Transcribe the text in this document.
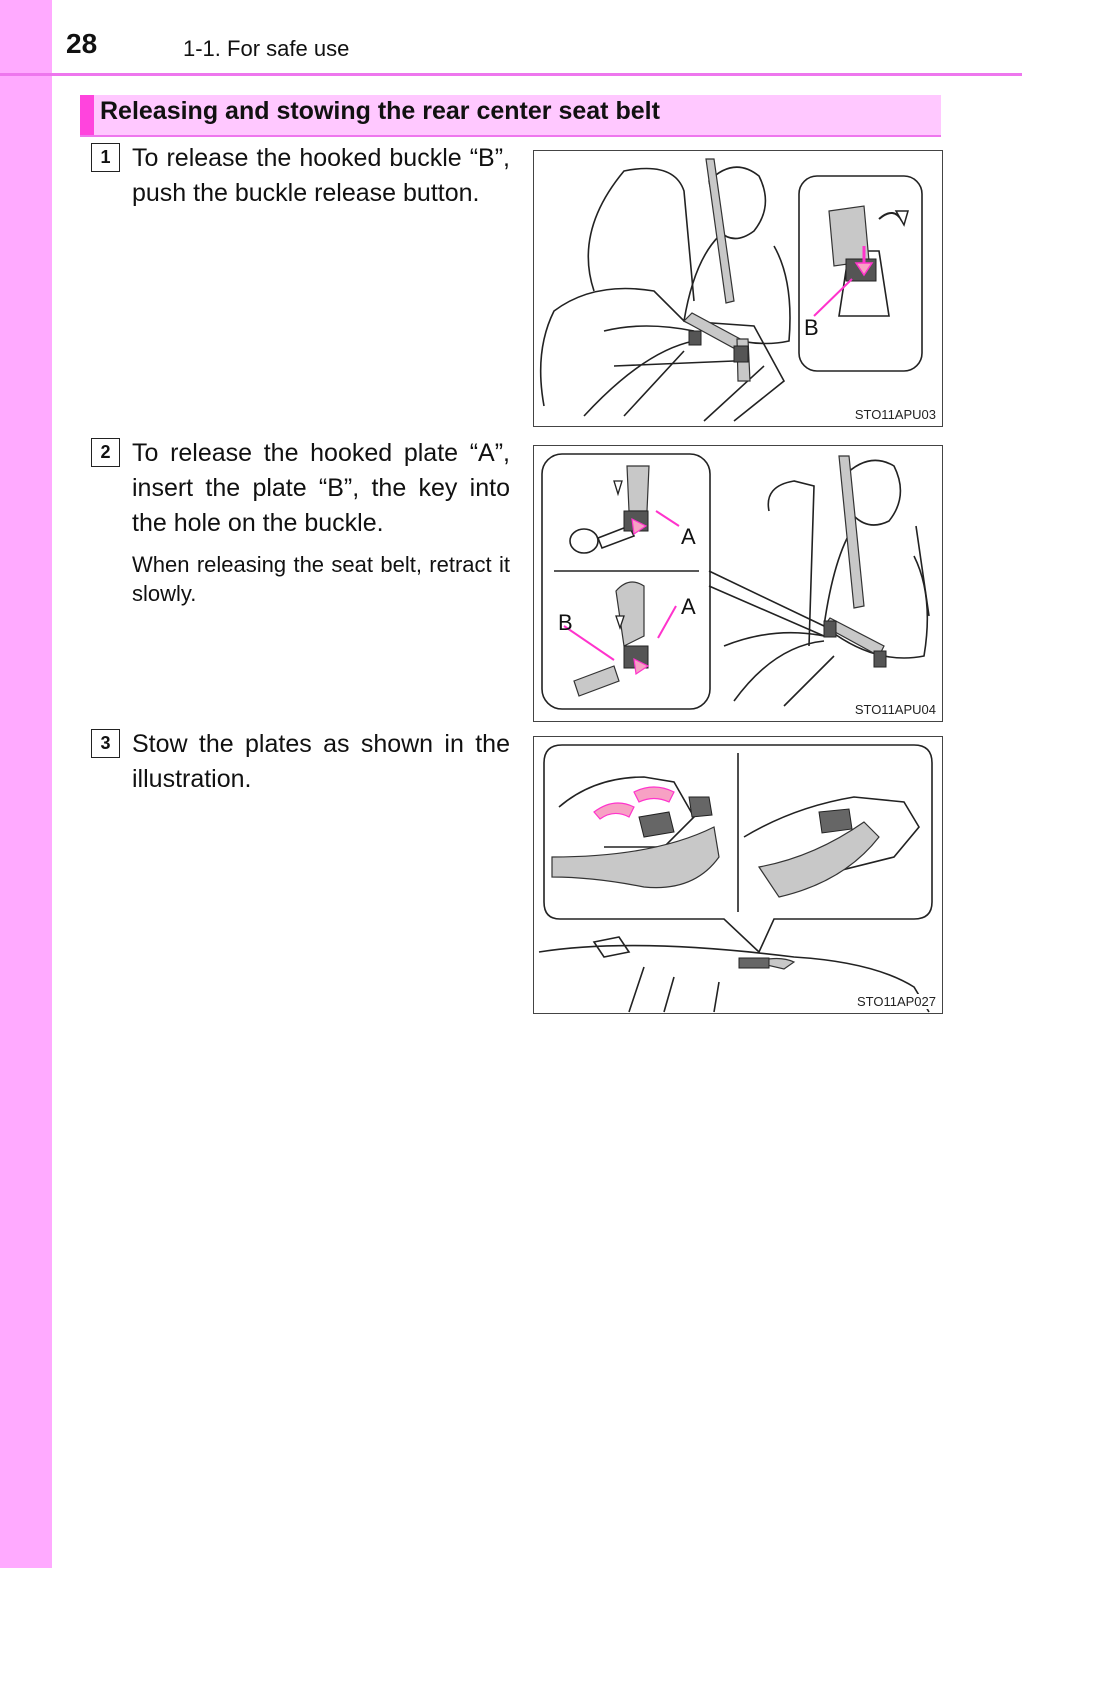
28	1-1. For safe use
Releasing and stowing the rear center seat belt
1 To release the hooked buckle “B”, push the buckle release button.
B
STO11APU03
2 To release the hooked plate “A”, insert the plate “B”, the key into the hole on the buckle.
When releasing the seat belt, retract it slowly.
A
B
A
STO11APU04
3 Stow the plates as shown in the illustration.
STO11AP027
